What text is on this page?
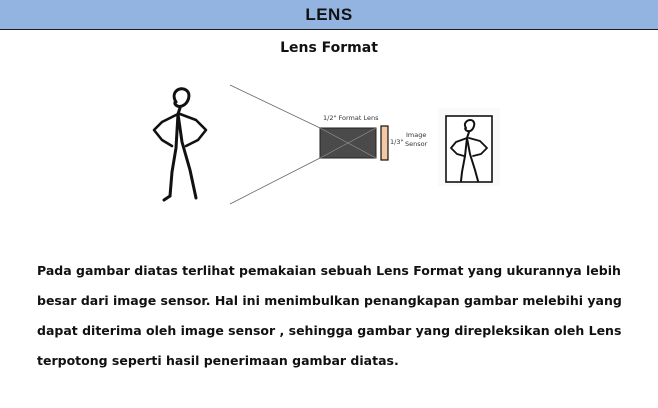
LENS
Lens Format
1/2" Format Lens
1/3"
Image
Sensor

Pada gambar diatas terlihat pemakaian sebuah Lens Format yang ukurannya lebih besar dari image sensor. Hal ini menimbulkan penangkapan gambar melebihi yang dapat diterima oleh image sensor , sehingga gambar yang direpleksikan oleh Lens terpotong seperti hasil penerimaan gambar diatas.
